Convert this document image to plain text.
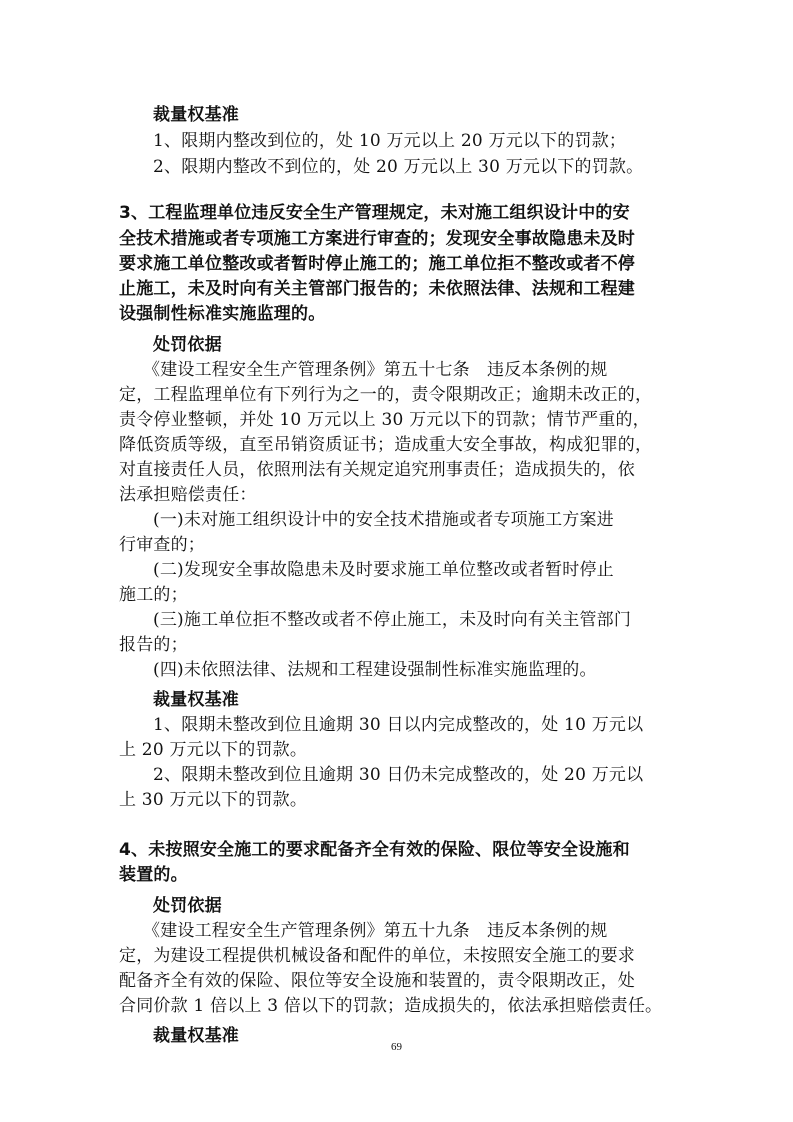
裁量权基准
1、限期内整改到位的，处 10 万元以上 20 万元以下的罚款；
2、限期内整改不到位的，处 20 万元以上 30 万元以下的罚款。
3、工程监理单位违反安全生产管理规定，未对施工组织设计中的安
全技术措施或者专项施工方案进行审查的；发现安全事故隐患未及时
要求施工单位整改或者暂时停止施工的；施工单位拒不整改或者不停
止施工，未及时向有关主管部门报告的；未依照法律、法规和工程建
设强制性标准实施监理的。
处罚依据
《建设工程安全生产管理条例》第五十七条　违反本条例的规
定，工程监理单位有下列行为之一的，责令限期改正；逾期未改正的，
责令停业整顿，并处 10 万元以上 30 万元以下的罚款；情节严重的，
降低资质等级，直至吊销资质证书；造成重大安全事故，构成犯罪的，
对直接责任人员，依照刑法有关规定追究刑事责任；造成损失的，依
法承担赔偿责任：
(一)未对施工组织设计中的安全技术措施或者专项施工方案进
行审查的；
(二)发现安全事故隐患未及时要求施工单位整改或者暂时停止
施工的；
(三)施工单位拒不整改或者不停止施工，未及时向有关主管部门
报告的；
(四)未依照法律、法规和工程建设强制性标准实施监理的。
裁量权基准
1、限期未整改到位且逾期 30 日以内完成整改的，处 10 万元以
上 20 万元以下的罚款。
2、限期未整改到位且逾期 30 日仍未完成整改的，处 20 万元以
上 30 万元以下的罚款。
4、未按照安全施工的要求配备齐全有效的保险、限位等安全设施和
装置的。
处罚依据
《建设工程安全生产管理条例》第五十九条　违反本条例的规
定，为建设工程提供机械设备和配件的单位，未按照安全施工的要求
配备齐全有效的保险、限位等安全设施和装置的，责令限期改正，处
合同价款 1 倍以上 3 倍以下的罚款；造成损失的，依法承担赔偿责任。
裁量权基准
69
